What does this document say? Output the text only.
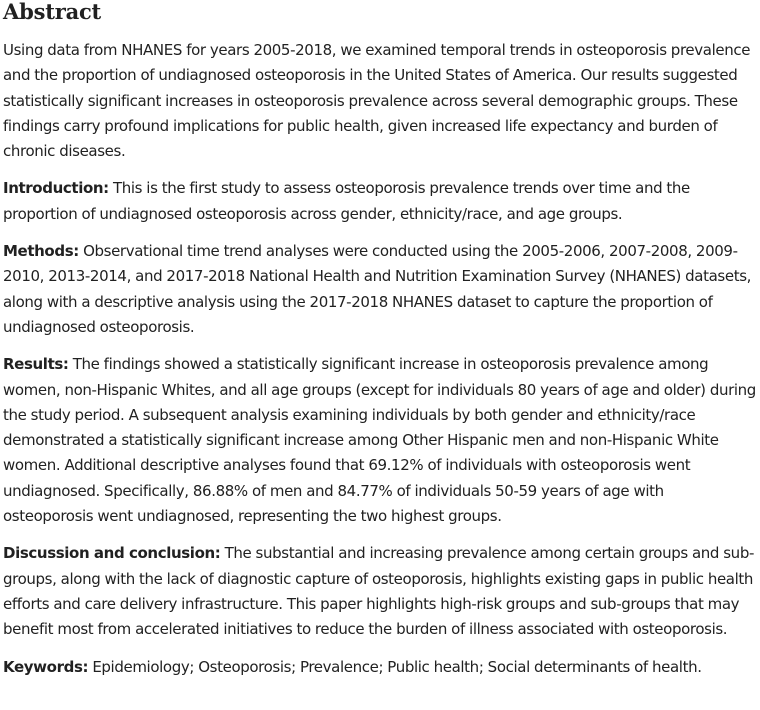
Abstract

Using data from NHANES for years 2005-2018, we examined temporal trends in osteoporosis prevalence and the proportion of undiagnosed osteoporosis in the United States of America. Our results suggested statistically significant increases in osteoporosis prevalence across several demographic groups. These findings carry profound implications for public health, given increased life expectancy and burden of chronic diseases.

Introduction: This is the first study to assess osteoporosis prevalence trends over time and the proportion of undiagnosed osteoporosis across gender, ethnicity/race, and age groups.

Methods: Observational time trend analyses were conducted using the 2005-2006, 2007-2008, 2009-2010, 2013-2014, and 2017-2018 National Health and Nutrition Examination Survey (NHANES) datasets, along with a descriptive analysis using the 2017-2018 NHANES dataset to capture the proportion of undiagnosed osteoporosis.

Results: The findings showed a statistically significant increase in osteoporosis prevalence among women, non-Hispanic Whites, and all age groups (except for individuals 80 years of age and older) during the study period. A subsequent analysis examining individuals by both gender and ethnicity/race demonstrated a statistically significant increase among Other Hispanic men and non-Hispanic White women. Additional descriptive analyses found that 69.12% of individuals with osteoporosis went undiagnosed. Specifically, 86.88% of men and 84.77% of individuals 50-59 years of age with osteoporosis went undiagnosed, representing the two highest groups.

Discussion and conclusion: The substantial and increasing prevalence among certain groups and sub-groups, along with the lack of diagnostic capture of osteoporosis, highlights existing gaps in public health efforts and care delivery infrastructure. This paper highlights high-risk groups and sub-groups that may benefit most from accelerated initiatives to reduce the burden of illness associated with osteoporosis.

Keywords: Epidemiology; Osteoporosis; Prevalence; Public health; Social determinants of health.
